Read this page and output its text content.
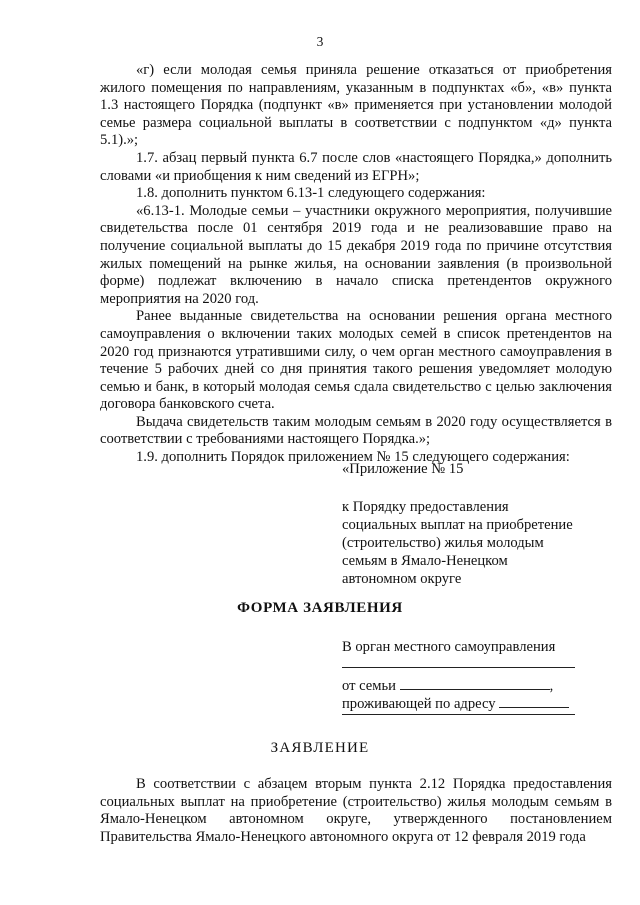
3

«г) если молодая семья приняла решение отказаться от приобретения жилого помещения по направлениям, указанным в подпунктах «б», «в» пункта 1.3 настоящего Порядка (подпункт «в» применяется при установлении молодой семье размера социальной выплаты в соответствии с подпунктом «д» пункта 5.1).»;

1.7. абзац первый пункта 6.7 после слов «настоящего Порядка,» дополнить словами «и приобщения к ним сведений из ЕГРН»;

1.8. дополнить пунктом 6.13-1 следующего содержания:

«6.13-1. Молодые семьи – участники окружного мероприятия, получившие свидетельства после 01 сентября 2019 года и не реализовавшие право на получение социальной выплаты до 15 декабря 2019 года по причине отсутствия жилых помещений на рынке жилья, на основании заявления (в произвольной форме) подлежат включению в начало списка претендентов окружного мероприятия на 2020 год.

Ранее выданные свидетельства на основании решения органа местного самоуправления о включении таких молодых семей в список претендентов на 2020 год признаются утратившими силу, о чем орган местного самоуправления в течение 5 рабочих дней со дня принятия такого решения уведомляет молодую семью и банк, в который молодая семья сдала свидетельство с целью заключения договора банковского счета.

Выдача свидетельств таким молодым семьям в 2020 году осуществляется в соответствии с требованиями настоящего Порядка.»;

1.9. дополнить Порядок приложением № 15 следующего содержания:

«Приложение № 15
к Порядку предоставления
социальных выплат на приобретение
(строительство) жилья молодым
семьям в Ямало-Ненецком
автономном округе
ФОРМА ЗАЯВЛЕНИЯ
В орган местного самоуправления
от семьи	,
проживающей по адресу
ЗАЯВЛЕНИЕ

В соответствии с абзацем вторым пункта 2.12 Порядка предоставления социальных выплат на приобретение (строительство) жилья молодым семьям в Ямало-Ненецком автономном округе, утвержденного постановлением Правительства Ямало-Ненецкого автономного округа от 12 февраля 2019 года
